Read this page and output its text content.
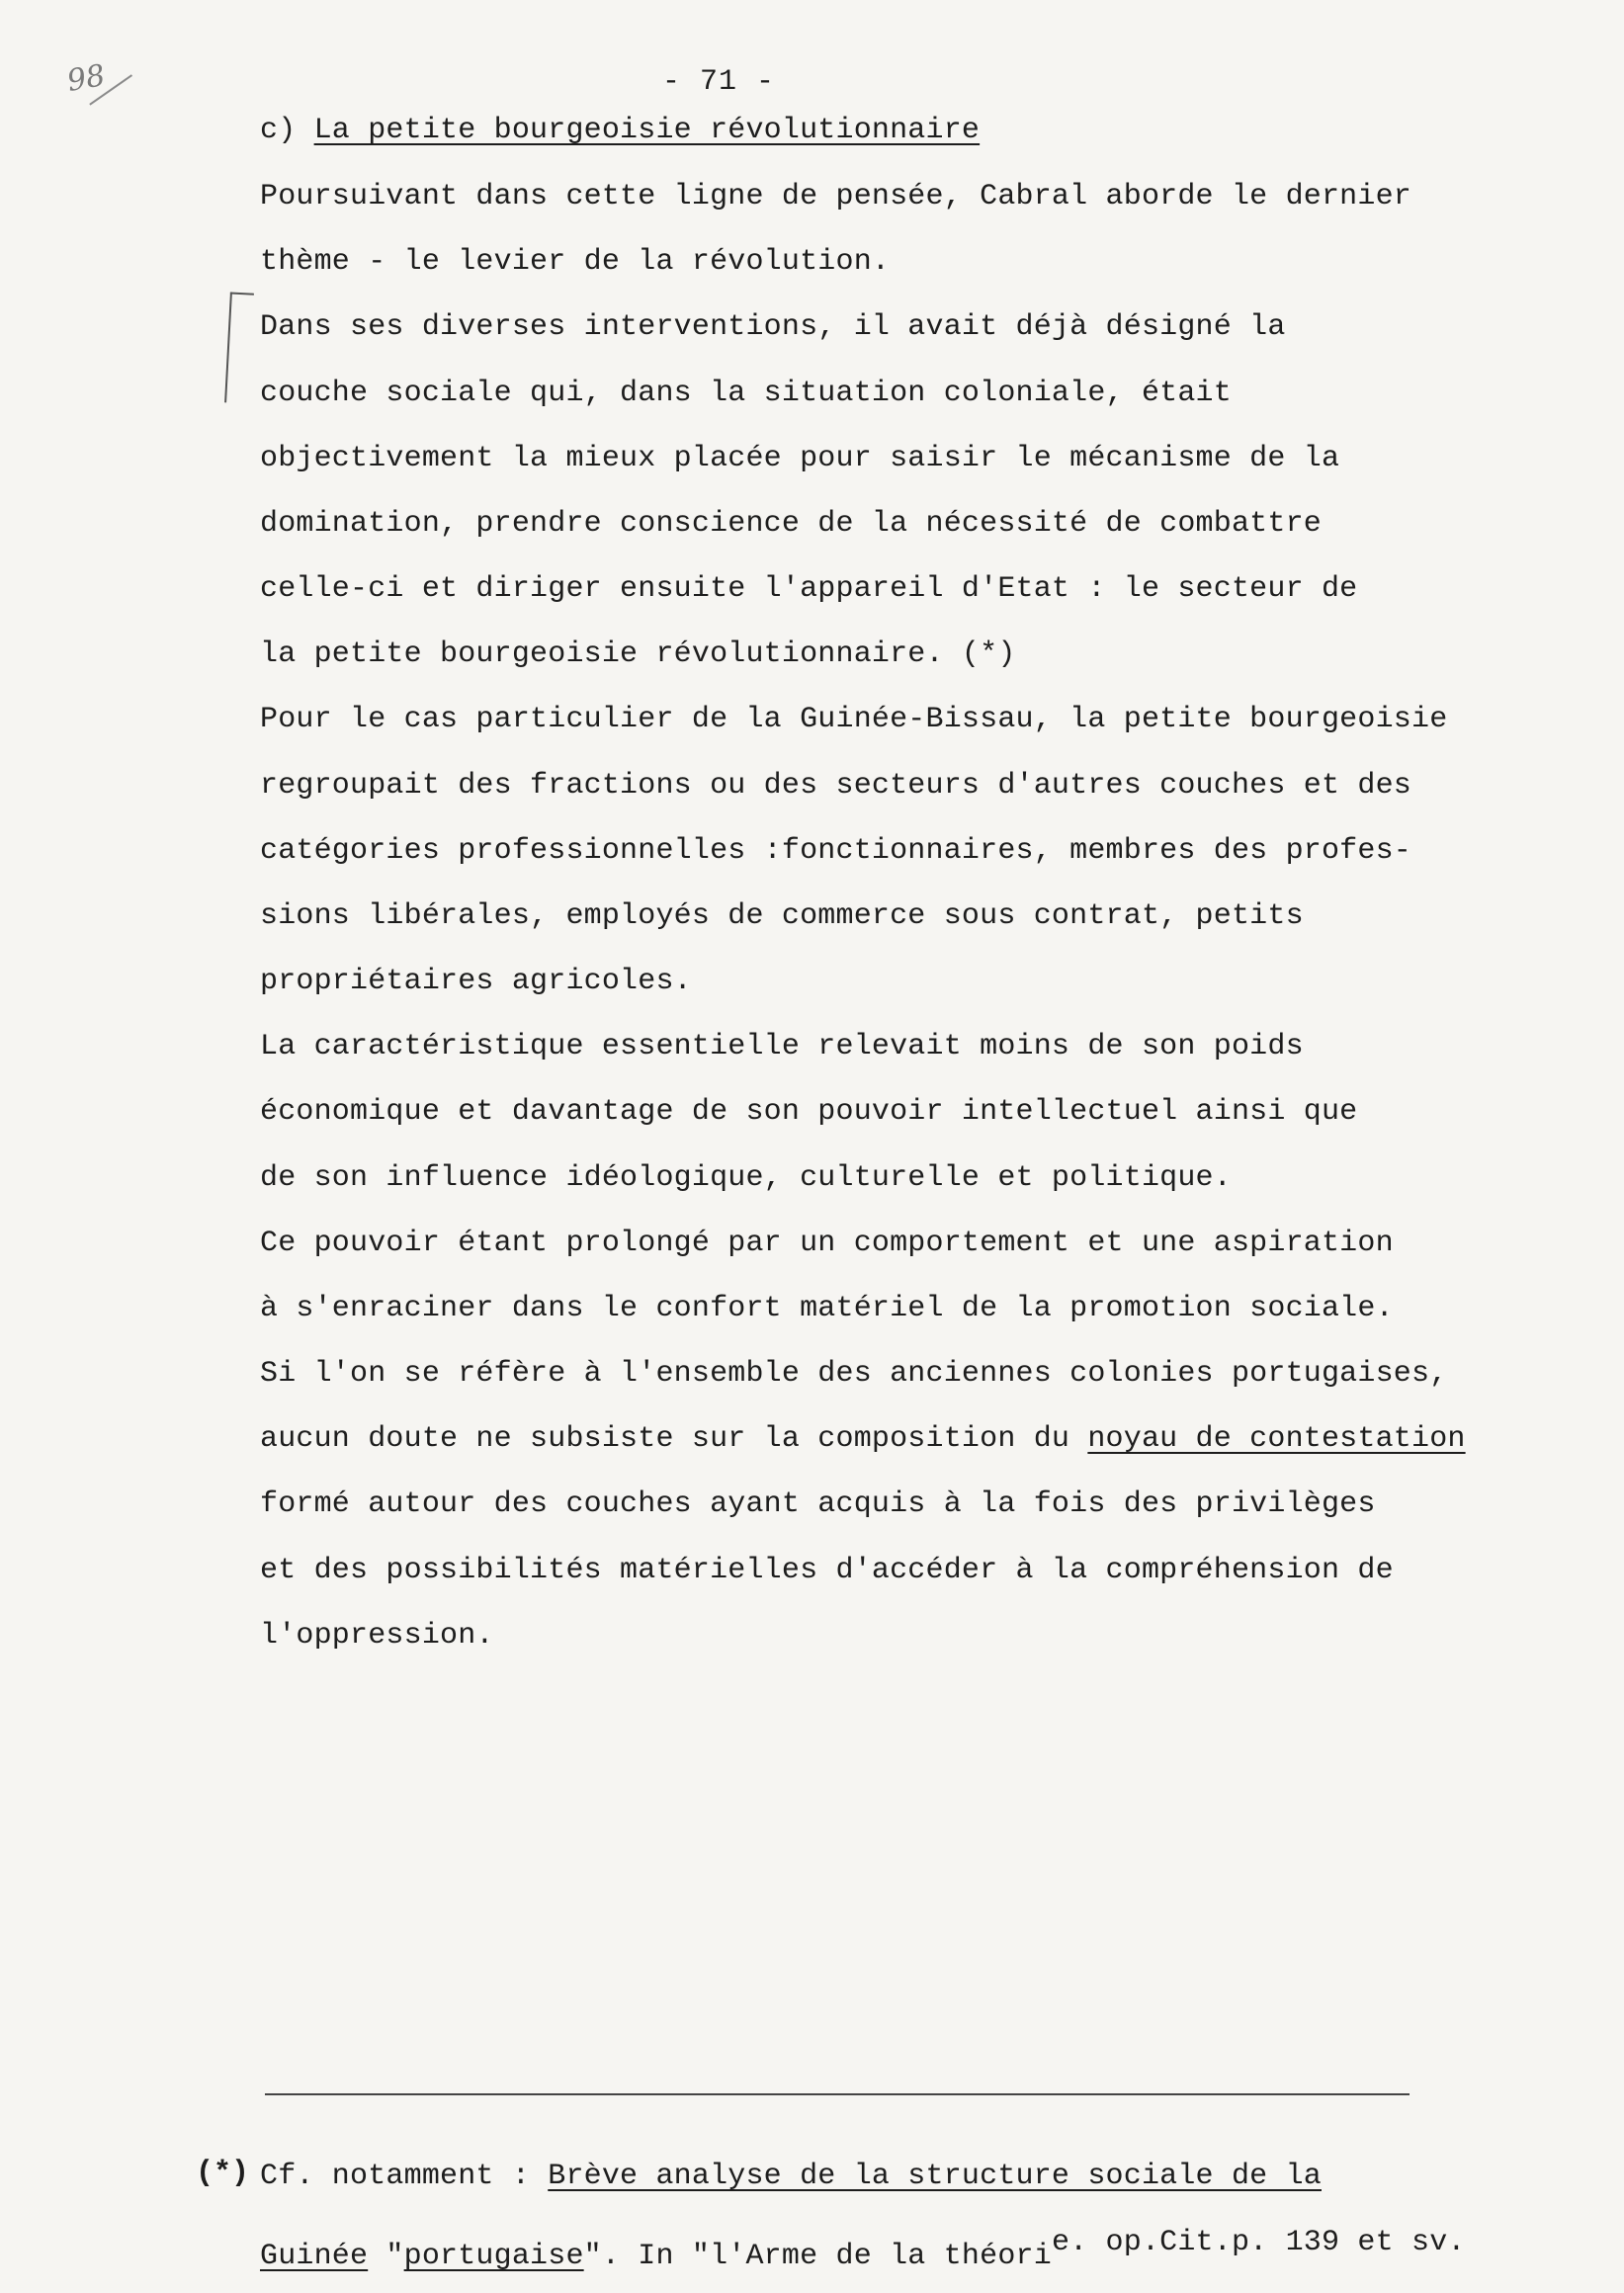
98	- 71 -
c) La petite bourgeoisie révolutionnaire
Poursuivant dans cette ligne de pensée, Cabral aborde le dernier
thème - le levier de la révolution.
Dans ses diverses interventions, il avait déjà désigné la
couche sociale qui, dans la situation coloniale, était
objectivement la mieux placée pour saisir le mécanisme de la
domination, prendre conscience de la nécessité de combattre
celle-ci et diriger ensuite l'appareil d'Etat : le secteur de
la petite bourgeoisie révolutionnaire. (*)
Pour le cas particulier de la Guinée-Bissau, la petite bourgeoisie
regroupait des fractions ou des secteurs d'autres couches et des
catégories professionnelles :fonctionnaires, membres des profes-
sions libérales, employés de commerce sous contrat, petits
propriétaires agricoles.
La caractéristique essentielle relevait moins de son poids
économique et davantage de son pouvoir intellectuel ainsi que
de son influence idéologique, culturelle et politique.
Ce pouvoir étant prolongé par un comportement et une aspiration
à s'enraciner dans le confort matériel de la promotion sociale.
Si l'on se réfère à l'ensemble des anciennes colonies portugaises,
aucun doute ne subsiste sur la composition du noyau de contestation
formé autour des couches ayant acquis à la fois des privilèges
et des possibilités matérielles d'accéder à la compréhension de
l'oppression.
(*) Cf. notamment : Brève analyse de la structure sociale de la
Guinée "portugaise". In "l'Arme de la théorie. op.Cit.p. 139 et sv.
